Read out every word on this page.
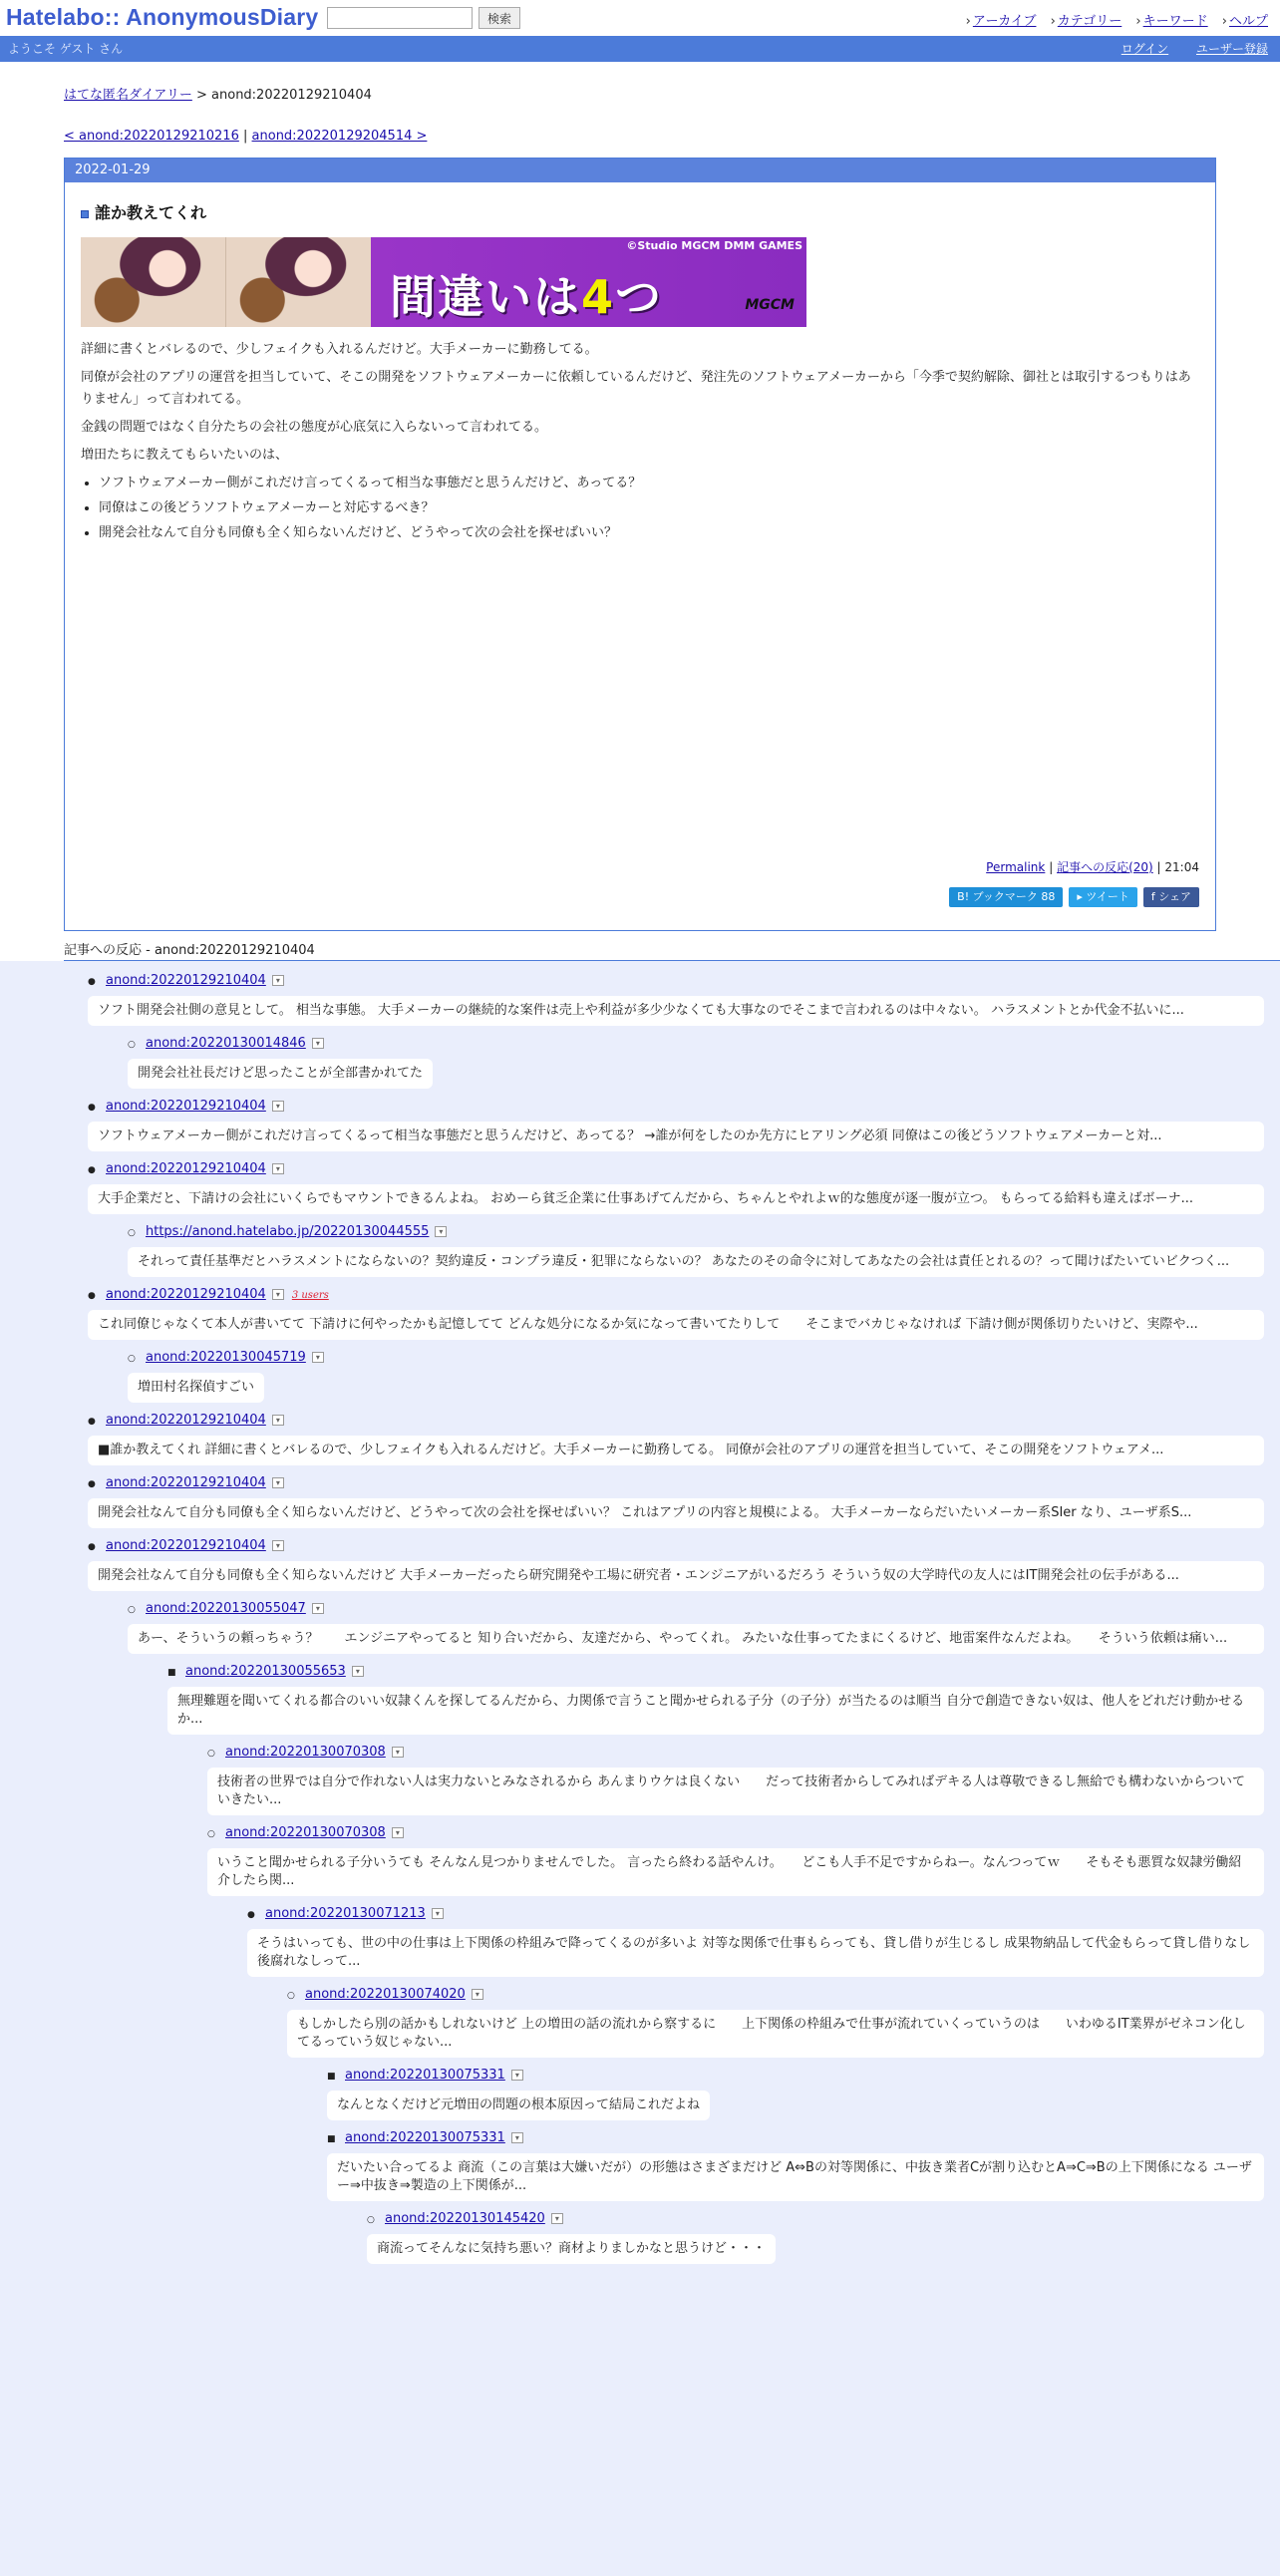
Hatelabo:: AnonymousDiary	検索	› アーカイブ › カテゴリー › キーワード › ヘルプ
ようこそ ゲスト さん	ログイン ユーザー登録
はてな匿名ダイアリー > anond:20220129210404
< anond:20220129210216 | anond:20220129204514 >
2022-01-29
誰か教えてくれ
©Studio MGCM DMM GAMES
間違いは4つ	MGCM

詳細に書くとバレるので、少しフェイクも入れるんだけど。大手メーカーに勤務してる。

同僚が会社のアプリの運営を担当していて、そこの開発をソフトウェアメーカーに依頼しているんだけど、発注先のソフトウェアメーカーから「今季で契約解除、御社とは取引するつもりはありません」って言われてる。

金銭の問題ではなく自分たちの会社の態度が心底気に入らないって言われてる。

増田たちに教えてもらいたいのは、

• ソフトウェアメーカー側がこれだけ言ってくるって相当な事態だと思うんだけど、あってる？
• 同僚はこの後どうソフトウェアメーカーと対応するべき？
• 開発会社なんて自分も同僚も全く知らないんだけど、どうやって次の会社を探せばいい？
Permalink | 記事への反応(20) | 21:04
B! ブックマーク 88	▸ ツイート	f シェア
記事への反応 - anond:20220129210404
● anond:20220129210404 ▾
ソフト開発会社側の意見として。 相当な事態。 大手メーカーの継続的な案件は売上や利益が多少少なくても大事なのでそこまで言われるのは中々ない。 ハラスメントとか代金不払いに...
○ anond:20220130014846 ▾
開発会社社長だけど思ったことが全部書かれてた
● anond:20220129210404 ▾
ソフトウェアメーカー側がこれだけ言ってくるって相当な事態だと思うんだけど、あってる？ →誰が何をしたのか先方にヒアリング必須 同僚はこの後どうソフトウェアメーカーと対...
● anond:20220129210404 ▾
大手企業だと、下請けの会社にいくらでもマウントできるんよね。 おめーら貧乏企業に仕事あげてんだから、ちゃんとやれよｗ的な態度が逐一腹が立つ。 もらってる給料も違えばボーナ...
○ https://anond.hatelabo.jp/20220130044555 ▾
それって責任基準だとハラスメントにならないの？契約違反・コンプラ違反・犯罪にならないの？ あなたのその命令に対してあなたの会社は責任とれるの？って聞けばたいていビクつく...
● anond:20220129210404 ▾ 3 users
これ同僚じゃなくて本人が書いてて 下請けに何やったかも記憶してて どんな処分になるか気になって書いてたりして　　そこまでバカじゃなければ 下請け側が関係切りたいけど、実際や...
○ anond:20220130045719 ▾
増田村名探偵すごい
● anond:20220129210404 ▾
■誰か教えてくれ 詳細に書くとバレるので、少しフェイクも入れるんだけど。大手メーカーに勤務してる。 同僚が会社のアプリの運営を担当していて、そこの開発をソフトウェアメ...
● anond:20220129210404 ▾
開発会社なんて自分も同僚も全く知らないんだけど、どうやって次の会社を探せばいい？ これはアプリの内容と規模による。 大手メーカーならだいたいメーカー系SIer なり、ユーザ系S...
● anond:20220129210404 ▾
開発会社なんて自分も同僚も全く知らないんだけど 大手メーカーだったら研究開発や工場に研究者・エンジニアがいるだろう そういう奴の大学時代の友人にはIT開発会社の伝手がある...
○ anond:20220130055047 ▾
あー、そういうの頼っちゃう？　　エンジニアやってると 知り合いだから、友達だから、やってくれ。 みたいな仕事ってたまにくるけど、地雷案件なんだよね。　　そういう依頼は痛い...
■ anond:20220130055653 ▾
無理難題を聞いてくれる都合のいい奴隷くんを探してるんだから、力関係で言うこと聞かせられる子分（の子分）が当たるのは順当 自分で創造できない奴は、他人をどれだけ動かせるか...
○ anond:20220130070308 ▾
技術者の世界では自分で作れない人は実力ないとみなされるから あんまりウケは良くない　　だって技術者からしてみればデキる人は尊敬できるし無給でも構わないからついていきたい...
○ anond:20220130070308 ▾
いうこと聞かせられる子分いうても そんなん見つかりませんでした。 言ったら終わる話やんけ。　　どこも人手不足ですからねー。なんつってｗ　　そもそも悪質な奴隷労働紹介したら関...
● anond:20220130071213 ▾
そうはいっても、世の中の仕事は上下関係の枠組みで降ってくるのが多いよ 対等な関係で仕事もらっても、貸し借りが生じるし 成果物納品して代金もらって貸し借りなし後腐れなしって...
○ anond:20220130074020 ▾
もしかしたら別の話かもしれないけど 上の増田の話の流れから察するに　　上下関係の枠組みで仕事が流れていくっていうのは　　いわゆるIT業界がゼネコン化してるっていう奴じゃない...
■ anond:20220130075331 ▾
なんとなくだけど元増田の問題の根本原因って結局これだよね
■ anond:20220130075331 ▾
だいたい合ってるよ 商流（この言葉は大嫌いだが）の形態はさまざまだけど A⇔Bの対等関係に、中抜き業者Cが割り込むとA⇒C⇒Bの上下関係になる ユーザー⇒中抜き⇒製造の上下関係が...
○ anond:20220130145420 ▾
商流ってそんなに気持ち悪い？商材よりましかなと思うけど・・・
